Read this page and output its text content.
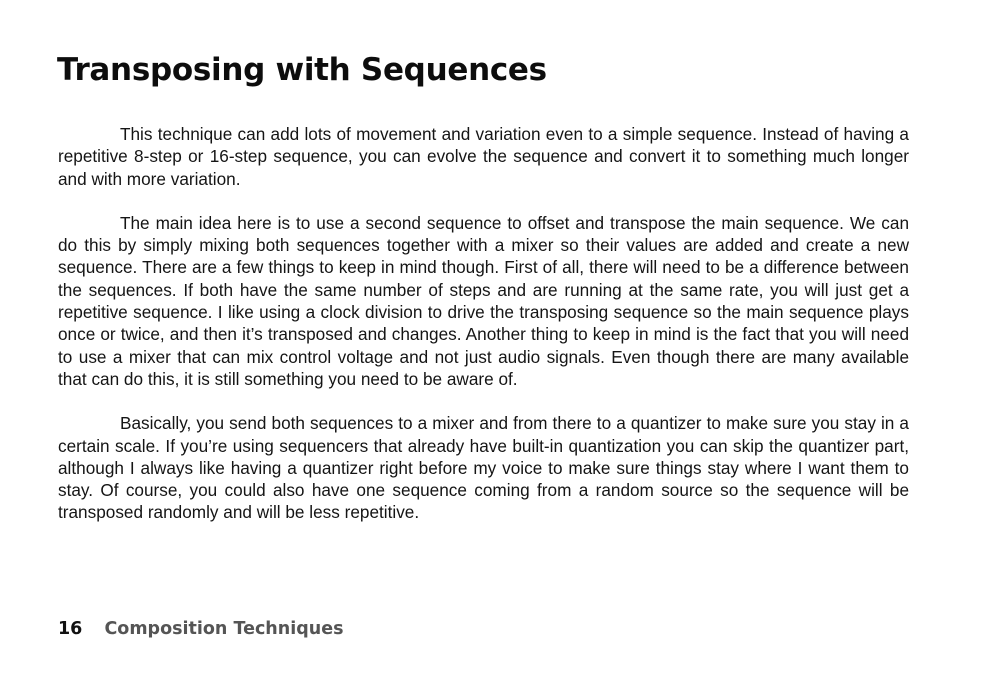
Transposing with Sequences

This technique can add lots of movement and variation even to a simple sequence. Instead of having a repetitive 8-step or 16-step sequence, you can evolve the sequence and convert it to something much longer and with more variation.

The main idea here is to use a second sequence to offset and transpose the main sequence. We can do this by simply mixing both sequences together with a mixer so their values are added and create a new sequence. There are a few things to keep in mind though. First of all, there will need to be a difference between the sequences. If both have the same number of steps and are running at the same rate, you will just get a repetitive sequence. I like using a clock division to drive the transposing sequence so the main sequence plays once or twice, and then it’s transposed and changes. Another thing to keep in mind is the fact that you will need to use a mixer that can mix control voltage and not just audio signals. Even though there are many available that can do this, it is still something you need to be aware of.

Basically, you send both sequences to a mixer and from there to a quantizer to make sure you stay in a certain scale. If you’re using sequencers that already have built-in quantization you can skip the quantizer part, although I always like having a quantizer right before my voice to make sure things stay where I want them to stay. Of course, you could also have one sequence coming from a random source so the sequence will be transposed randomly and will be less repetitive.

16 Composition Techniques
